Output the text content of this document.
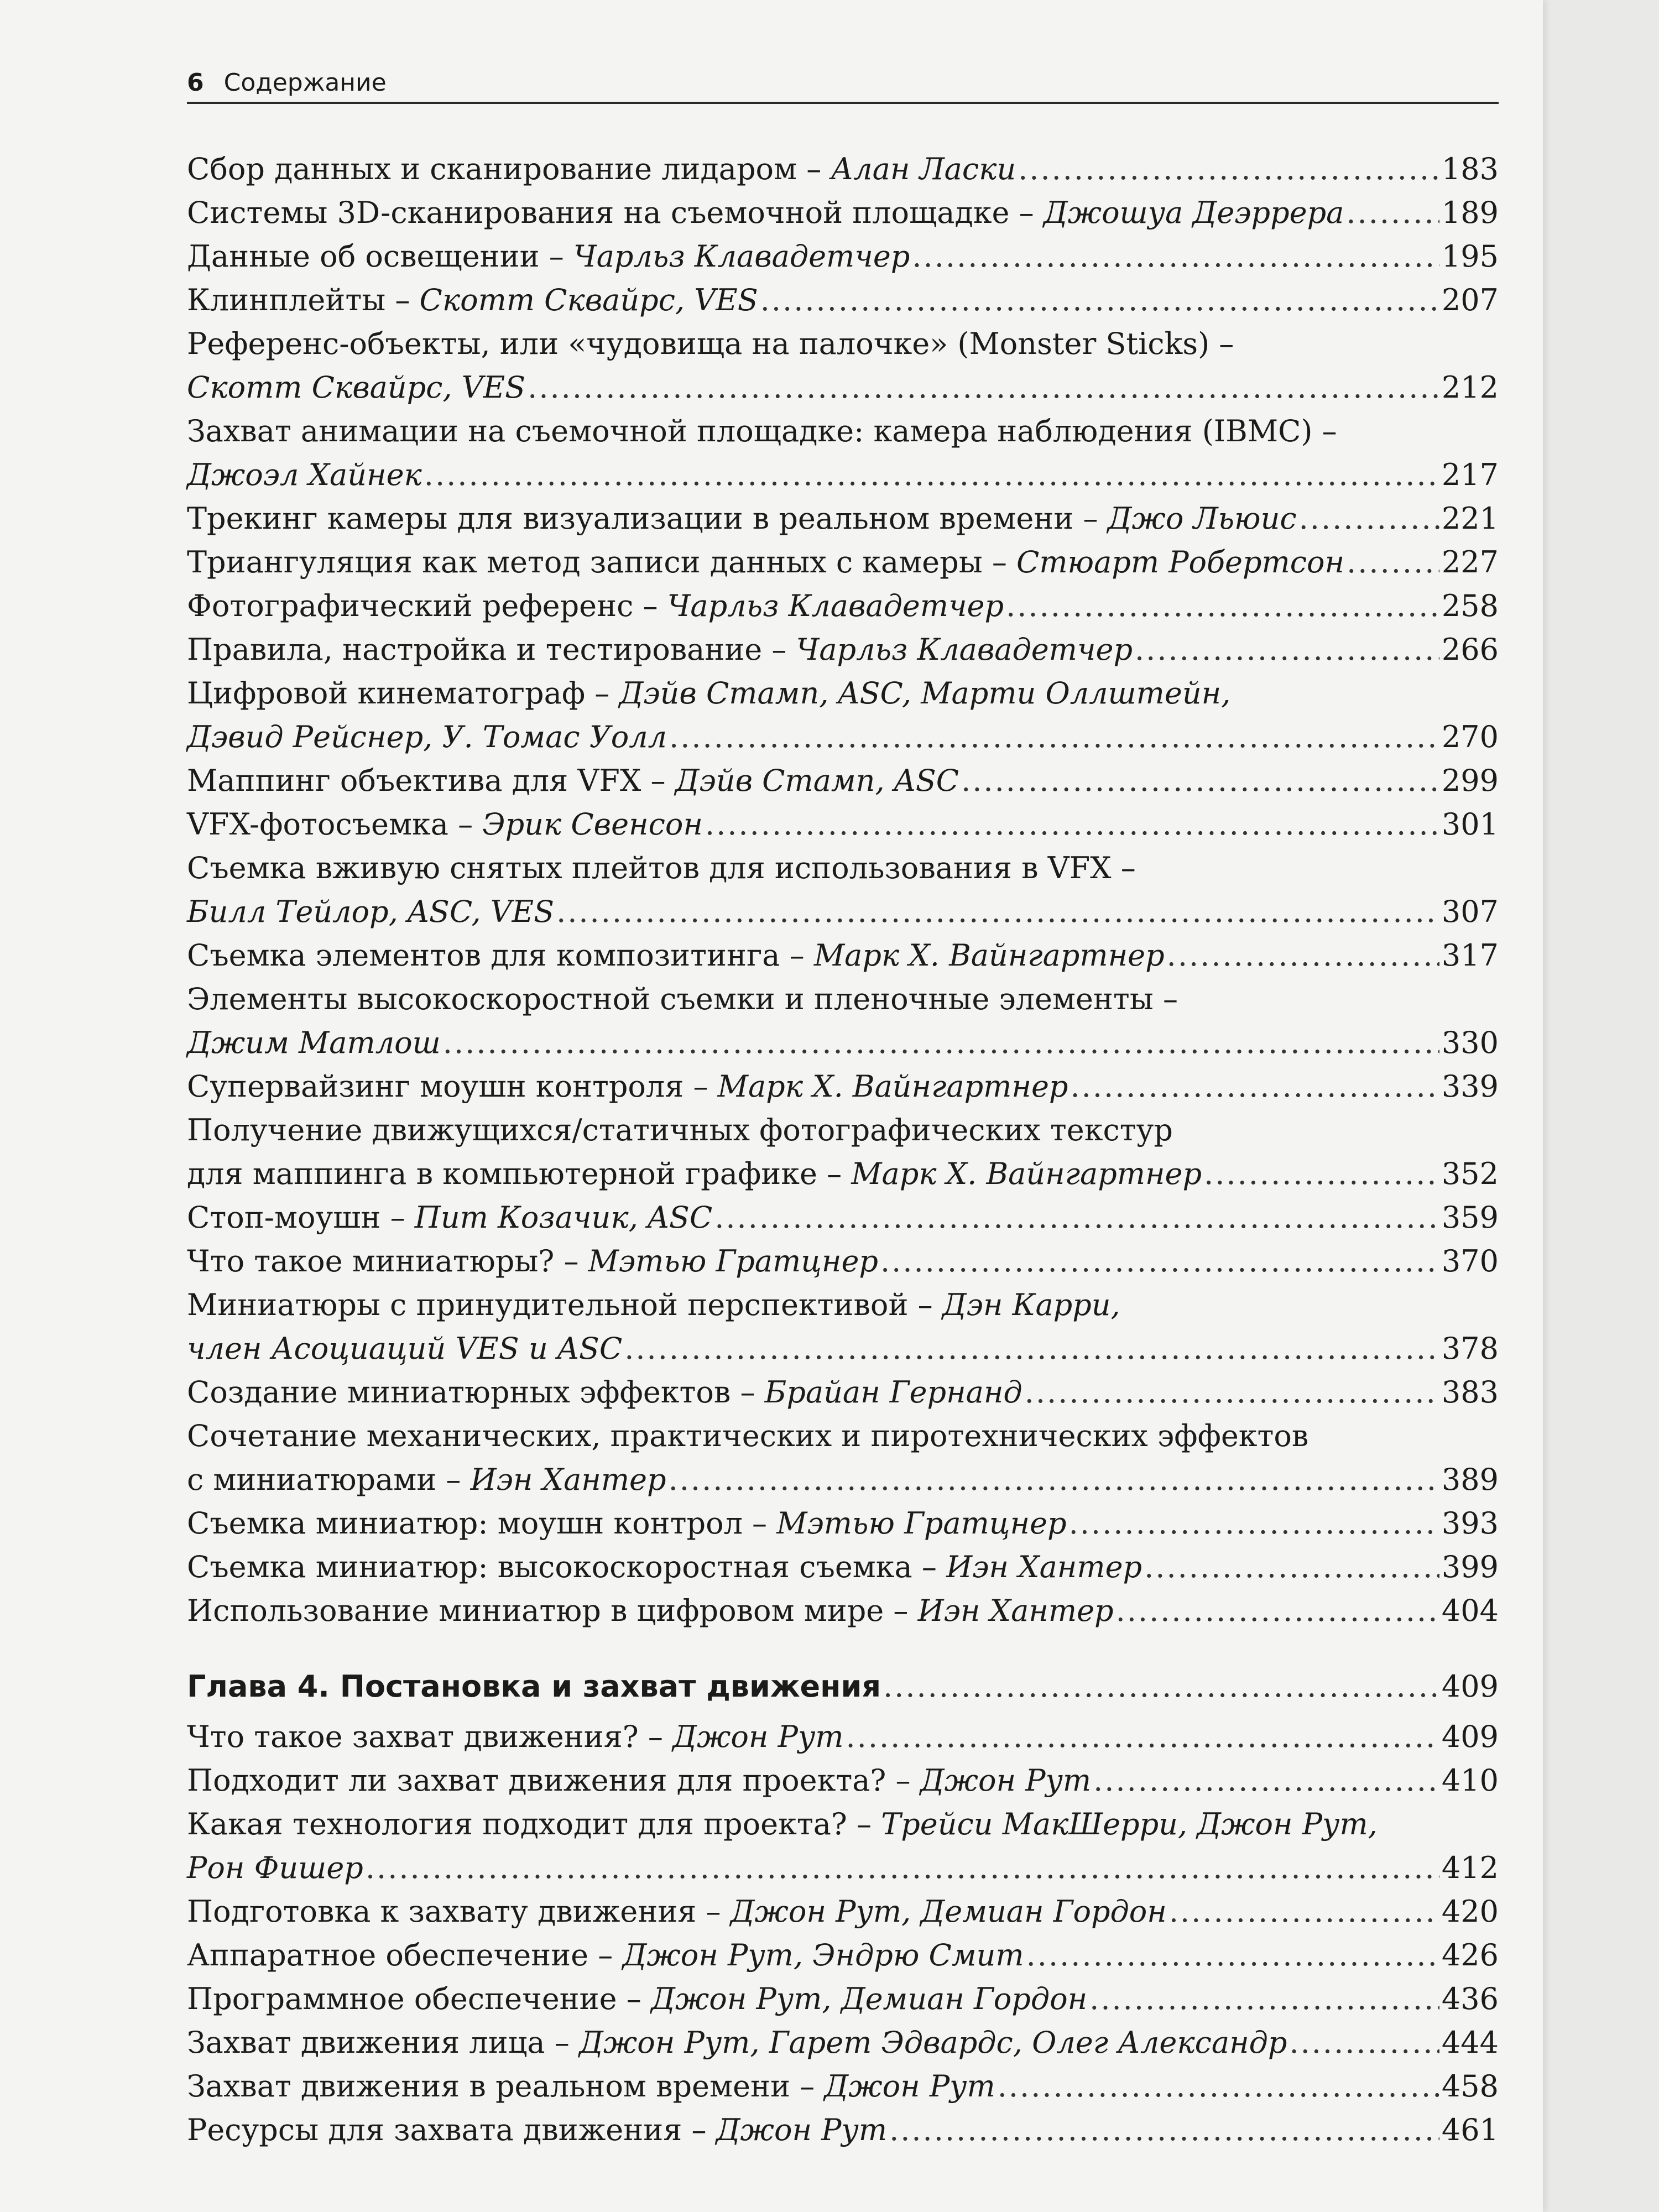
6 Содержание
Сбор данных и сканирование лидаром – Алан Ласки .....	183
Системы 3D-сканирования на съемочной площадке – Джошуа Деэррера .....	189
Данные об освещении – Чарльз Клавадетчер .....	195
Клинплейты – Скотт Сквайрс, VES .....	207
Референс-объекты, или «чудовища на палочке» (Monster Sticks) –
Скотт Сквайрс, VES .....	212
Захват анимации на съемочной площадке: камера наблюдения (IBMC) –
Джоэл Хайнек .....	217
Трекинг камеры для визуализации в реальном времени – Джо Льюис .....	221
Триангуляция как метод записи данных с камеры – Стюарт Робертсон .....	227
Фотографический референс – Чарльз Клавадетчер .....	258
Правила, настройка и тестирование – Чарльз Клавадетчер .....	266
Цифровой кинематограф – Дэйв Стамп, ASC, Марти Оллштейн,
Дэвид Рейснер, У. Томас Уолл .....	270
Маппинг объектива для VFX – Дэйв Стамп, ASC .....	299
VFX-фотосъемка – Эрик Свенсон .....	301
Съемка вживую снятых плейтов для использования в VFX –
Билл Тейлор, ASC, VES .....	307
Съемка элементов для композитинга – Марк Х. Вайнгартнер .....	317
Элементы высокоскоростной съемки и пленочные элементы –
Джим Матлош .....	330
Супервайзинг моушн контроля – Марк Х. Вайнгартнер .....	339
Получение движущихся/статичных фотографических текстур
для маппинга в компьютерной графике – Марк Х. Вайнгартнер .....	352
Стоп-моушн – Пит Козачик, ASC .....	359
Что такое миниатюры? – Мэтью Гратцнер .....	370
Миниатюры с принудительной перспективой – Дэн Карри,
член Асоциаций VES и ASC .....	378
Создание миниатюрных эффектов – Брайан Гернанд .....	383
Сочетание механических, практических и пиротехнических эффектов
с миниатюрами – Иэн Хантер .....	389
Съемка миниатюр: моушн контрол – Мэтью Гратцнер .....	393
Съемка миниатюр: высокоскоростная съемка – Иэн Хантер .....	399
Использование миниатюр в цифровом мире – Иэн Хантер .....	404
Глава 4. Постановка и захват движения .....	409
Что такое захват движения? – Джон Рут .....	409
Подходит ли захват движения для проекта? – Джон Рут .....	410
Какая технология подходит для проекта? – Трейси МакШерри, Джон Рут,
Рон Фишер .....	412
Подготовка к захвату движения – Джон Рут, Демиан Гордон .....	420
Аппаратное обеспечение – Джон Рут, Эндрю Смит .....	426
Программное обеспечение – Джон Рут, Демиан Гордон .....	436
Захват движения лица – Джон Рут, Гарет Эдвардс, Олег Александр .....	444
Захват движения в реальном времени – Джон Рут .....	458
Ресурсы для захвата движения – Джон Рут .....	461
